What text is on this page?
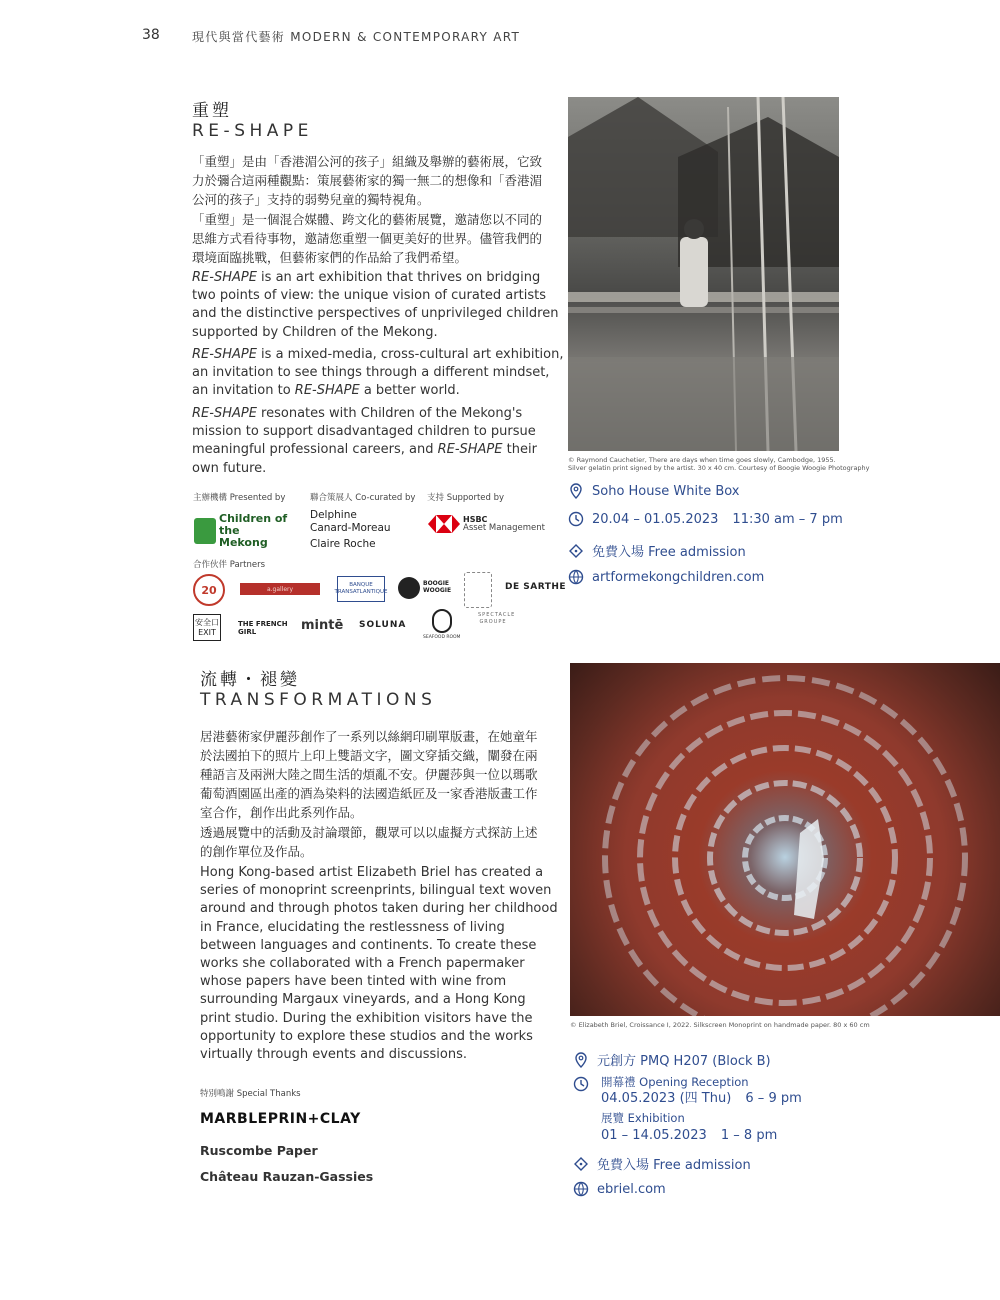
38	現代與當代藝術 MODERN & CONTEMPORARY ART
重塑
RE-SHAPE
「重塑」是由「香港湄公河的孩子」組織及舉辦的藝術展，它致力於彌合這兩種觀點：策展藝術家的獨一無二的想像和「香港湄公河的孩子」支持的弱勢兒童的獨特視角。
「重塑」是一個混合媒體、跨文化的藝術展覽，邀請您以不同的思維方式看待事物，邀請您重塑一個更美好的世界。儘管我們的環境面臨挑戰，但藝術家們的作品給了我們希望。
RE-SHAPE is an art exhibition that thrives on bridging two points of view: the unique vision of curated artists and the distinctive perspectives of unprivileged children supported by Children of the Mekong.
RE-SHAPE is a mixed-media, cross-cultural art exhibition, an invitation to see things through a different mindset, an invitation to RE-SHAPE a better world.
RE-SHAPE resonates with Children of the Mekong's mission to support disadvantaged children to pursue meaningful professional careers, and RE-SHAPE their own future.
主辦機構 Presented by
Children of the Mekong
聯合策展人 Co-curated by
Delphine
Canard-Moreau
Claire Roche
支持 Supported by
HSBC
Asset Management
合作伙伴 Partners
20	a.gallery
BANQUE TRANSATLANTIQUE
BOOGIE WOOGIE	DE SARTHE
安全口 EXIT
THE FRENCH GIRL	mintē SOLUNA
SEAFOOD ROOM
SPECTACLE GROUPE
© Raymond Cauchetier, There are days when time goes slowly, Cambodge, 1955.
Silver gelatin print signed by the artist. 30 x 40 cm. Courtesy of Boogie Woogie Photography
Soho House White Box
20.04 – 01.05.2023 11:30 am – 7 pm
免費入場 Free admission
artformekongchildren.com
流轉・褪變
TRANSFORMATIONS
居港藝術家伊麗莎創作了一系列以絲網印刷單版畫，在她童年於法國拍下的照片上印上雙語文字，圖文穿插交織，闡發在兩種語言及兩洲大陸之間生活的煩亂不安。伊麗莎與一位以瑪歌葡萄酒園區出產的酒為染料的法國造紙匠及一家香港版畫工作室合作，創作出此系列作品。
透過展覽中的活動及討論環節，觀眾可以以虛擬方式探訪上述的創作單位及作品。
Hong Kong-based artist Elizabeth Briel has created a series of monoprint screenprints, bilingual text woven around and through photos taken during her childhood in France, elucidating the restlessness of living between languages and continents. To create these works she collaborated with a French papermaker whose papers have been tinted with wine from surrounding Margaux vineyards, and a Hong Kong print studio. During the exhibition visitors have the opportunity to explore these studios and the works virtually through events and discussions.
特別鳴謝 Special Thanks
MARBLEPRIN+CLAY
Ruscombe Paper
Château Rauzan-Gassies
© Elizabeth Briel, Croissance I, 2022. Silkscreen Monoprint on handmade paper. 80 x 60 cm
元創方 PMQ H207 (Block B)
開幕禮 Opening Reception
04.05.2023 (四 Thu) 6 – 9 pm
展覽 Exhibition
01 – 14.05.2023 1 – 8 pm
免費入場 Free admission
ebriel.com
